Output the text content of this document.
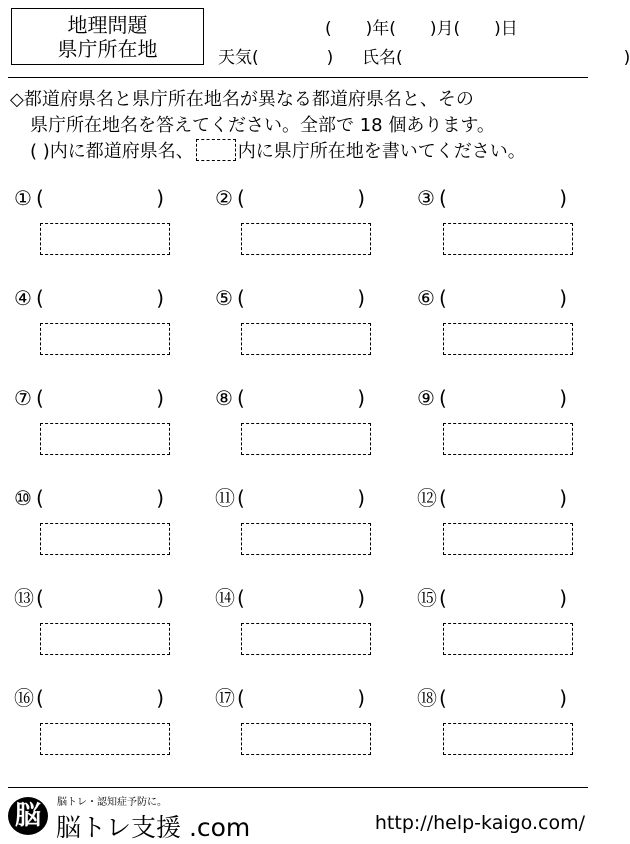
地理問題
県庁所在地
(　　)年(　　)月(　　)日
天気(　　　　) 氏名(　　　　　　　　　　　　　)
◇都道府県名と県庁所在地名が異なる都道府県名と、その
県庁所在地名を答えてください。全部で 18 個あります。
( )内に都道府県名、 内に県庁所在地を書いてください。
① (	)	② (	)	③ (	)
④ (	)	⑤ (	)	⑥ (	)
⑦ (	)	⑧ (	)	⑨ (	)
⑩ (	)	⑪ (	)	⑫ (	)
⑬ (	)	⑭ (	)	⑮ (	)
⑯ (	)	⑰ (	)	⑱ (	)
脳	脳トレ・認知症予防に。
脳トレ支援 .com	http://help-kaigo.com/
